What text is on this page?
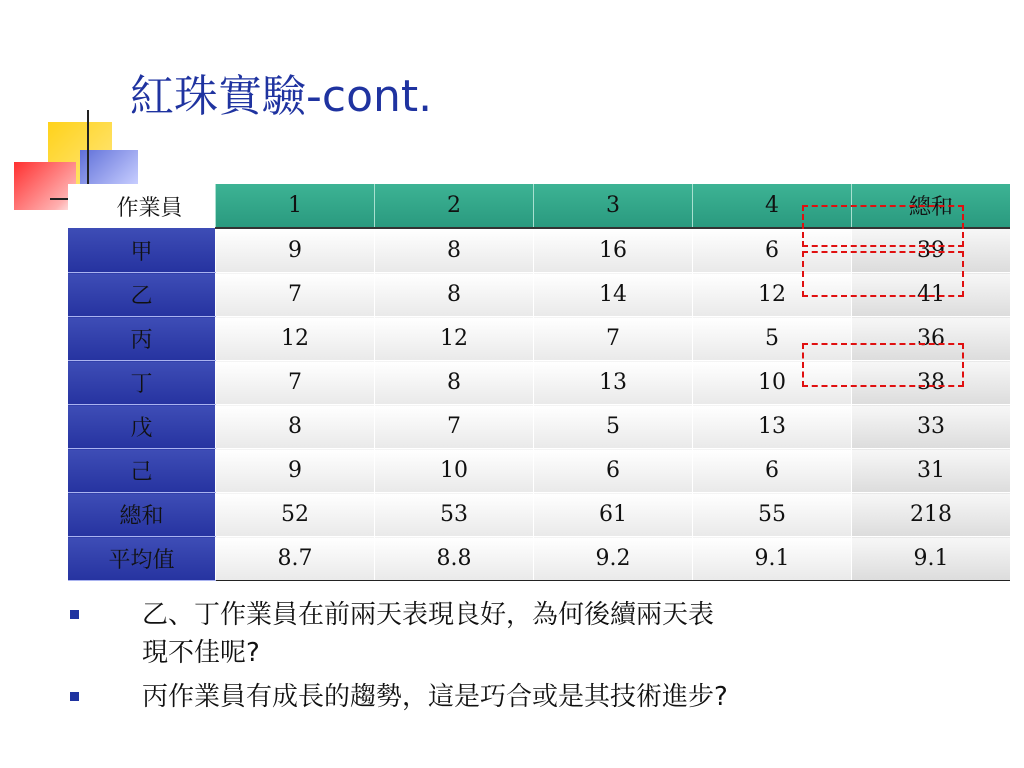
紅珠實驗-cont.
作業員	1	2	3	4	總和
甲	9	8	16	6	39
乙	7	8	14	12	41
丙	12	12	7	5	36
丁	7	8	13	10	38
戊	8	7	5	13	33
己	9	10	6	6	31
總和	52	53	61	55	218
平均值	8.7	8.8	9.2	9.1	9.1
乙、丁作業員在前兩天表現良好，為何後續兩天表
現不佳呢?
丙作業員有成長的趨勢，這是巧合或是其技術進步?
